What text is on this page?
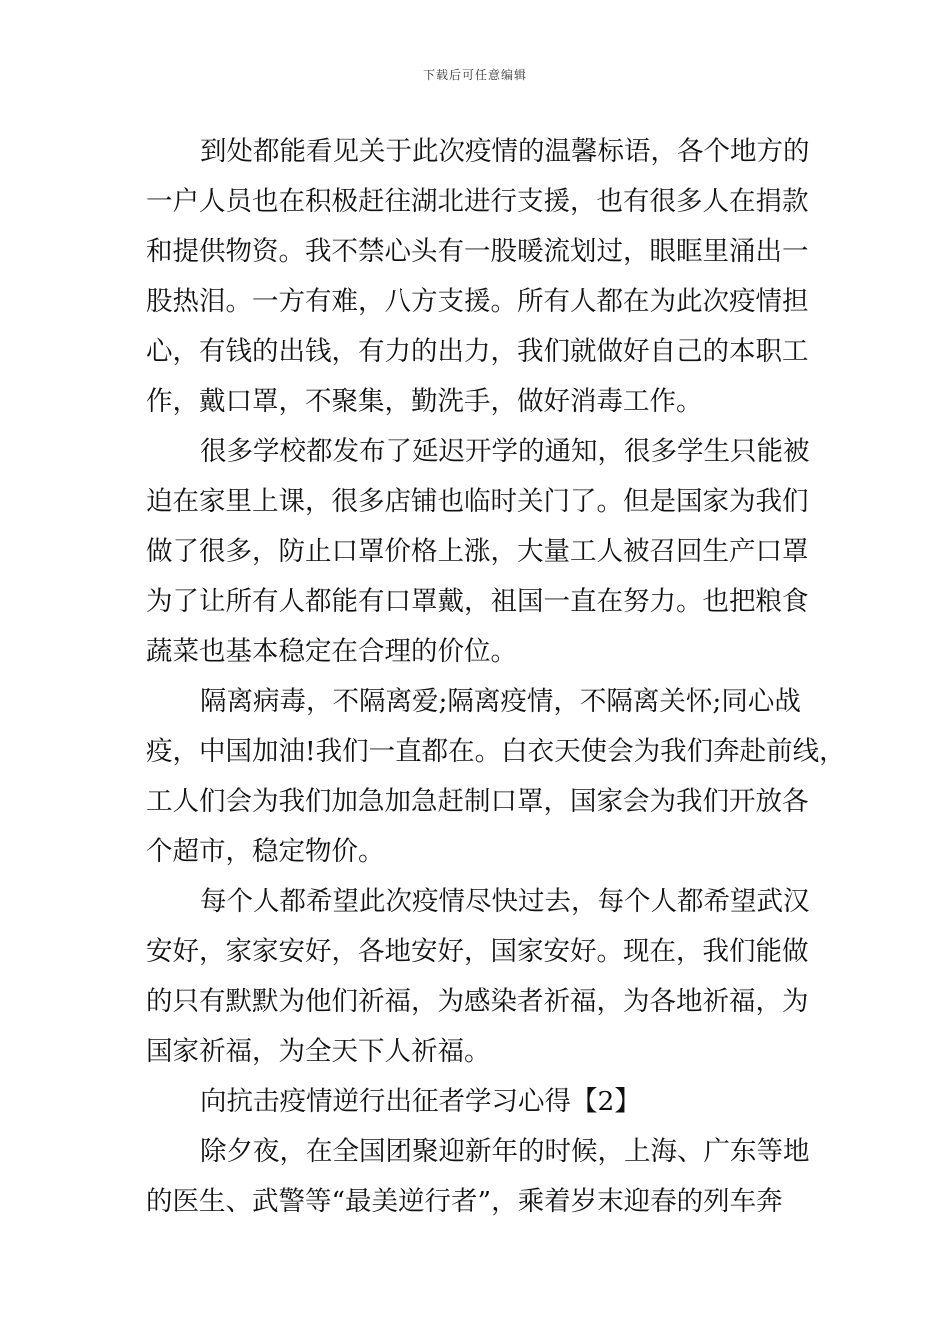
下载后可任意编辑
到处都能看见关于此次疫情的温馨标语，各个地方的
一户人员也在积极赶往湖北进行支援，也有很多人在捐款
和提供物资。我不禁心头有一股暖流划过，眼眶里涌出一
股热泪。一方有难，八方支援。所有人都在为此次疫情担
心，有钱的出钱，有力的出力，我们就做好自己的本职工
作，戴口罩，不聚集，勤洗手，做好消毒工作。
很多学校都发布了延迟开学的通知，很多学生只能被
迫在家里上课，很多店铺也临时关门了。但是国家为我们
做了很多，防止口罩价格上涨，大量工人被召回生产口罩
为了让所有人都能有口罩戴，祖国一直在努力。也把粮食
蔬菜也基本稳定在合理的价位。
隔离病毒，不隔离爱;隔离疫情，不隔离关怀;同心战
疫，中国加油!我们一直都在。白衣天使会为我们奔赴前线，
工人们会为我们加急加急赶制口罩，国家会为我们开放各
个超市，稳定物价。
每个人都希望此次疫情尽快过去，每个人都希望武汉
安好，家家安好，各地安好，国家安好。现在，我们能做
的只有默默为他们祈福，为感染者祈福，为各地祈福，为
国家祈福，为全天下人祈福。
向抗击疫情逆行出征者学习心得【2】
除夕夜，在全国团聚迎新年的时候，上海、广东等地
的医生、武警等“最美逆行者”，乘着岁末迎春的列车奔
